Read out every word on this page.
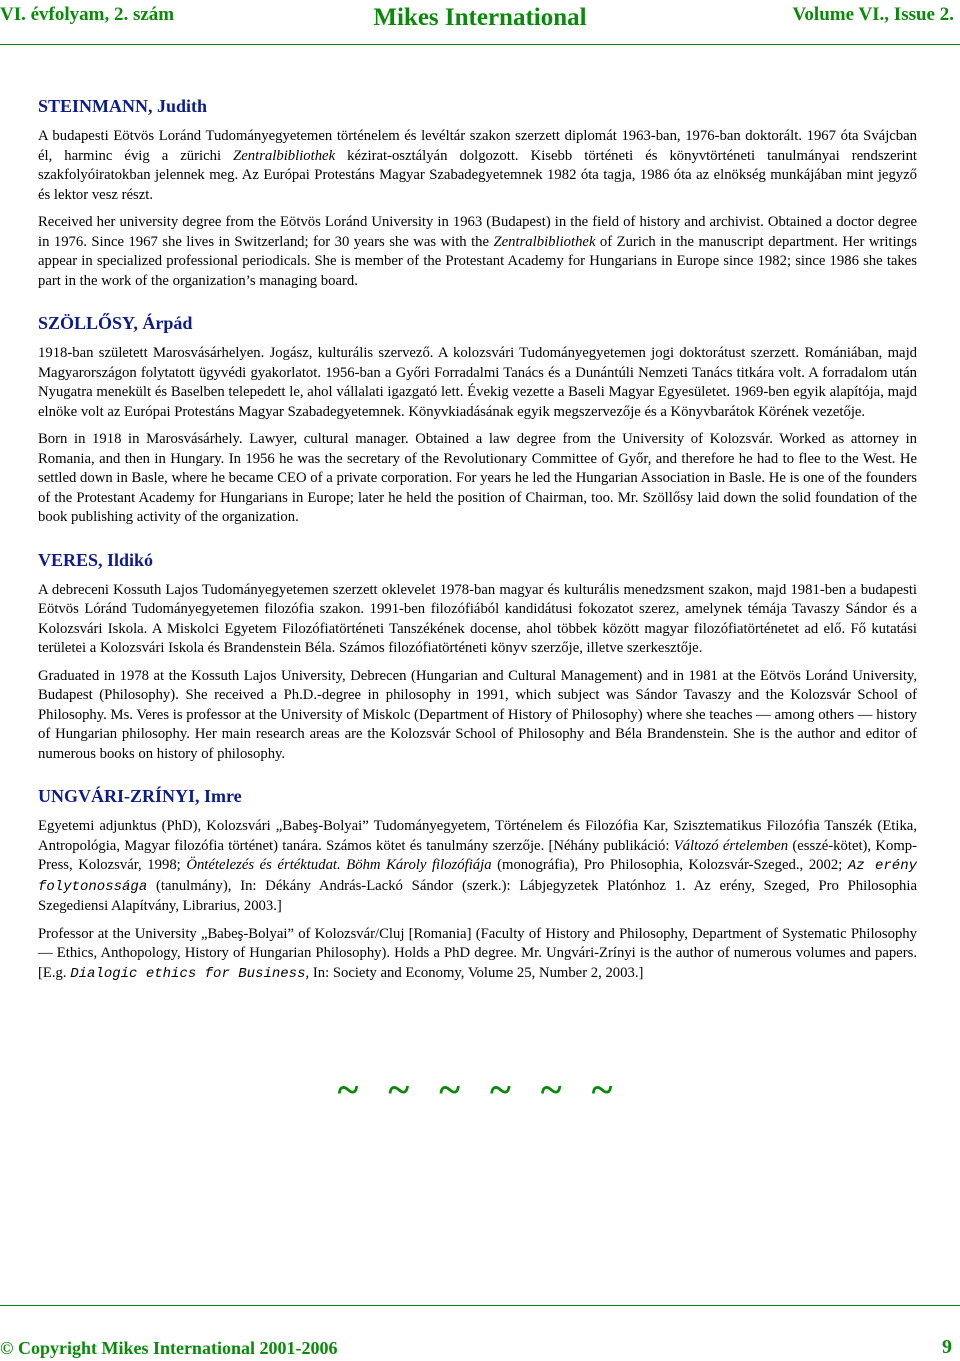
VI. évfolyam, 2. szám	Mikes International	Volume VI., Issue 2.
STEINMANN, Judith

A budapesti Eötvös Loránd Tudományegyetemen történelem és levéltár szakon szerzett diplomát 1963-ban, 1976-ban doktorált. 1967 óta Svájcban él, harminc évig a zürichi Zentralbibliothek kézirat-osztályán dolgozott. Kisebb történeti és könyvtörténeti tanulmányai rendszerint szakfolyóiratokban jelennek meg. Az Európai Protestáns Magyar Szabadegyetemnek 1982 óta tagja, 1986 óta az elnökség munkájában mint jegyző és lektor vesz részt.

Received her university degree from the Eötvös Loránd University in 1963 (Budapest) in the field of history and archivist. Obtained a doctor degree in 1976. Since 1967 she lives in Switzerland; for 30 years she was with the Zentralbibliothek of Zurich in the manuscript department. Her writings appear in specialized professional periodicals. She is member of the Protestant Academy for Hungarians in Europe since 1982; since 1986 she takes part in the work of the organization’s managing board.

SZÖLLŐSY, Árpád

1918-ban született Marosvásárhelyen. Jogász, kulturális szervező. A kolozsvári Tudományegyetemen jogi doktorátust szerzett. Romániában, majd Magyarországon folytatott ügyvédi gyakorlatot. 1956-ban a Győri Forradalmi Tanács és a Dunántúli Nemzeti Tanács titkára volt. A forradalom után Nyugatra menekült és Baselben telepedett le, ahol vállalati igazgató lett. Évekig vezette a Baseli Magyar Egyesületet. 1969-ben egyik alapítója, majd elnöke volt az Európai Protestáns Magyar Szabadegyetemnek. Könyvkiadásának egyik megszervezője és a Könyvbarátok Körének vezetője.

Born in 1918 in Marosvásárhely. Lawyer, cultural manager. Obtained a law degree from the University of Kolozsvár. Worked as attorney in Romania, and then in Hungary. In 1956 he was the secretary of the Revolutionary Committee of Győr, and therefore he had to flee to the West. He settled down in Basle, where he became CEO of a private corporation. For years he led the Hungarian Association in Basle. He is one of the founders of the Protestant Academy for Hungarians in Europe; later he held the position of Chairman, too. Mr. Szöllősy laid down the solid foundation of the book publishing activity of the organization.

VERES, Ildikó

A debreceni Kossuth Lajos Tudományegyetemen szerzett oklevelet 1978-ban magyar és kulturális menedzsment szakon, majd 1981-ben a budapesti Eötvös Lóránd Tudományegyetemen filozófia szakon. 1991-ben filozófiából kandidátusi fokozatot szerez, amelynek témája Tavaszy Sándor és a Kolozsvári Iskola. A Miskolci Egyetem Filozófiatörténeti Tanszékének docense, ahol többek között magyar filozófiatörténetet ad elő. Fő kutatási területei a Kolozsvári Iskola és Brandenstein Béla. Számos filozófiatörténeti könyv szerzője, illetve szerkesztője.

Graduated in 1978 at the Kossuth Lajos University, Debrecen (Hungarian and Cultural Management) and in 1981 at the Eötvös Loránd University, Budapest (Philosophy). She received a Ph.D.-degree in philosophy in 1991, which subject was Sándor Tavaszy and the Kolozsvár School of Philosophy. Ms. Veres is professor at the University of Miskolc (Department of History of Philosophy) where she teaches — among others — history of Hungarian philosophy. Her main research areas are the Kolozsvár School of Philosophy and Béla Brandenstein. She is the author and editor of numerous books on history of philosophy.

UNGVÁRI-ZRÍNYI, Imre

Egyetemi adjunktus (PhD), Kolozsvári „Babeş-Bolyai” Tudományegyetem, Történelem és Filozófia Kar, Szisztematikus Filozófia Tanszék (Etika, Antropológia, Magyar filozófia történet) tanára. Számos kötet és tanulmány szerzője. [Néhány publikáció: Változó értelemben (esszé-kötet), Komp-Press, Kolozsvár, 1998; Öntételezés és értéktudat. Böhm Károly filozófiája (monográfia), Pro Philosophia, Kolozsvár-Szeged., 2002; Az erény folytonossága (tanulmány), In: Dékány András-Lackó Sándor (szerk.): Lábjegyzetek Platónhoz 1. Az erény, Szeged, Pro Philosophia Szegediensi Alapítvány, Librarius, 2003.]

Professor at the University „Babeş-Bolyai” of Kolozsvár/Cluj [Romania] (Faculty of History and Philosophy, Department of Systematic Philosophy — Ethics, Anthopology, History of Hungarian Philosophy). Holds a PhD degree. Mr. Ungvári-Zrínyi is the author of numerous volumes and papers. [E.g. Dialogic ethics for Business, In: Society and Economy, Volume 25, Number 2, 2003.]

~ ~ ~ ~ ~ ~
© Copyright Mikes International 2001-2006	9
